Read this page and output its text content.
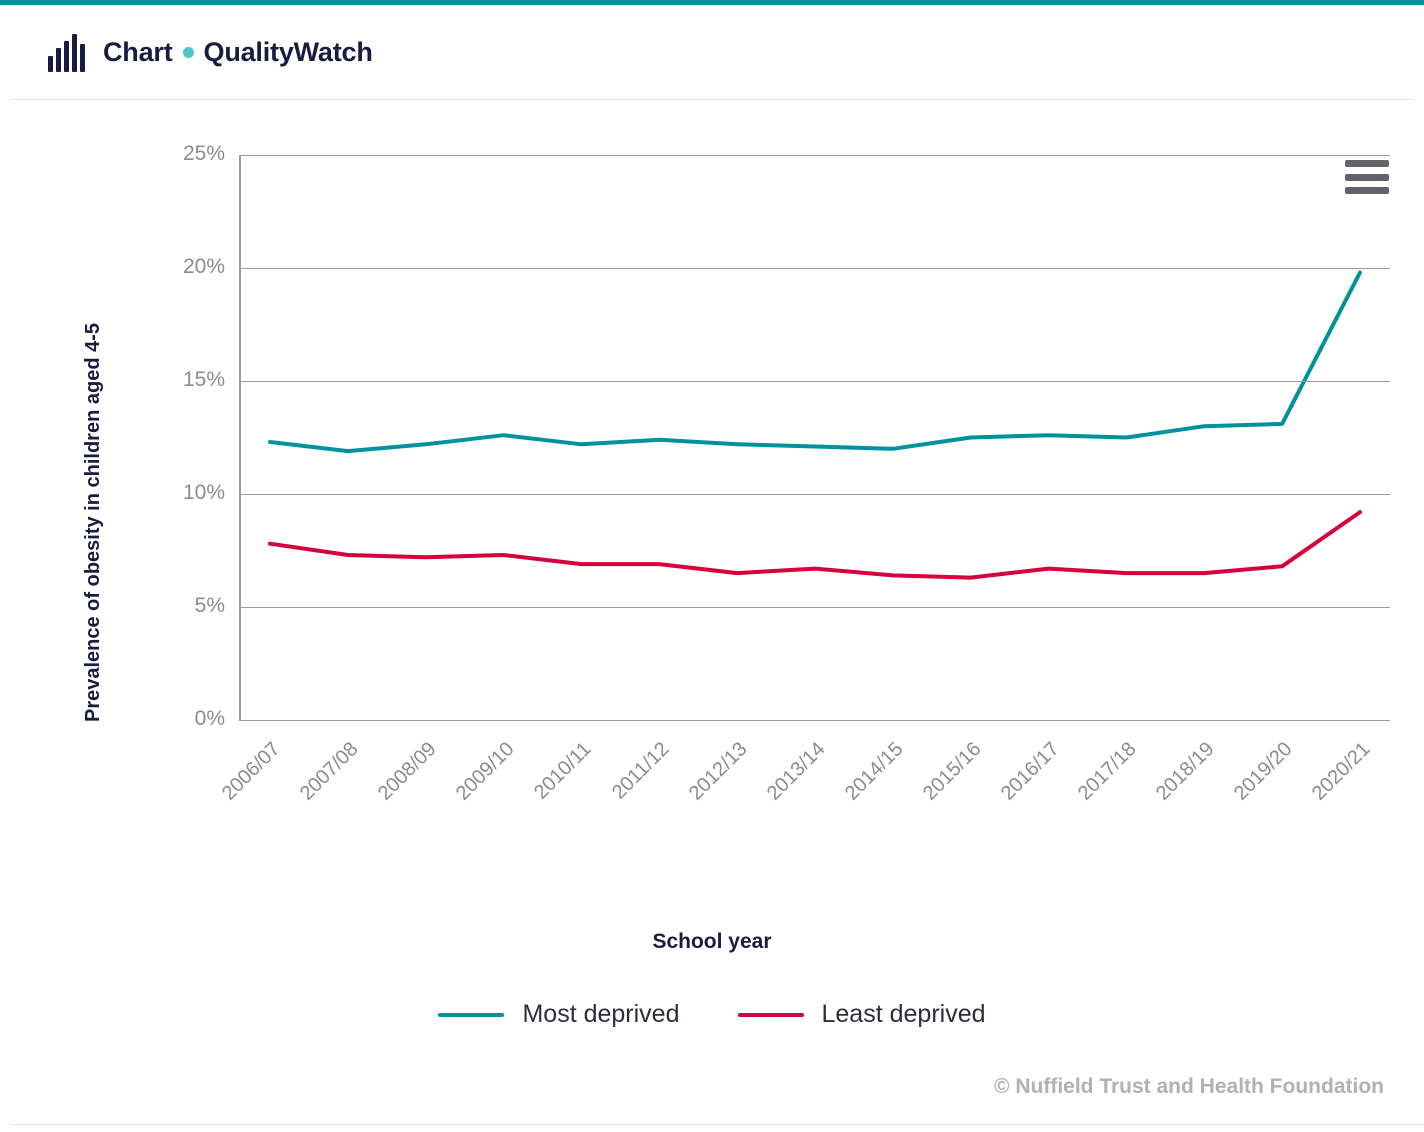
Chart QualityWatch
Prevalence of obesity in children aged 4-5	0%
5%
10%
15%
20%
25%
2006/07 2007/08 2008/09 2009/10 2010/11 2011/12 2012/13 2013/14 2014/15 2015/16 2016/17 2017/18 2018/19 2019/20 2020/21
School year
Most deprived	Least deprived
© Nuffield Trust and Health Foundation
